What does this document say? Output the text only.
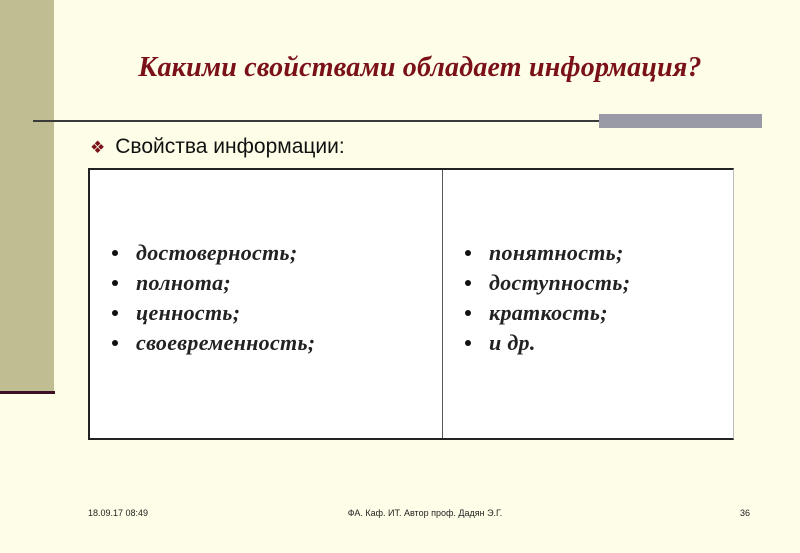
Какими свойствами обладает информация?
❖ Свойства информации:
достоверность;
полнота;
ценность;
своевременность;
понятность;
доступность;
краткость;
и др.
18.09.17 08:49	ФА. Каф. ИТ. Автор проф. Дадян Э.Г.	36
